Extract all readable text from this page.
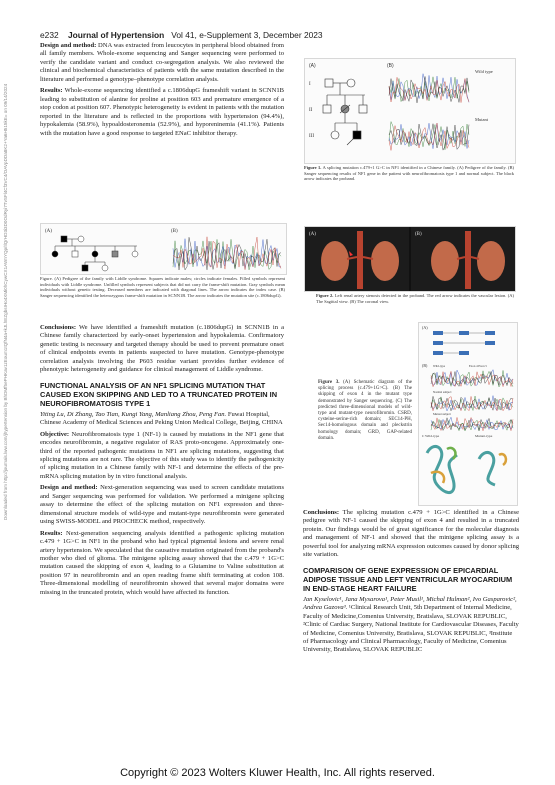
e232 Journal of Hypertension Vol 41, e-Supplement 3, December 2023
Downloaded from http://journals.lww.com/jhypertension by BhDMf5ePHKav1zEoum1tQfN4a+kJLhEZgbsIHo4XMi0hCywCX1AWnYQp/IlQrHD3i3D0OdRyi7TvSFl4Cf3VC4/OAVpDDa8K2+Ya6H515kE= on 09/14/2024

Design and method: DNA was extracted from leucocytes in peripheral blood obtained from all family members. Whole-exome sequencing and Sanger sequencing were performed to verify the candidate variant and conduct co-segregation analysis. We also reviewed the clinical and biochemical characteristics of patients with the same mutation described in the literature and performed a genotype–phenotype correlation analysis.

Results: Whole-exome sequencing identified a c.1806dupG frameshift variant in SCNN1B leading to substitution of alanine for proline at position 603 and premature emergence of a stop codon at position 607. Phenotypic heterogeneity is evident in patients with the mutation reported in the literature and is reflected in the proportions with hypertension (94.4%), hypokalemia (58.9%), hypoaldosteronemia (52.9%), and hyporeninemia (41.1%). Patients with the mutation have a good response to targeted ENaC inhibitor therapy.

(A)	(B)
I
II
III
Wild type
Mutant
Figure 1. A splicing mutation c.479+1 G>C in NF1 identified in a Chinese family. (A) Pedigree of the family. (B) Sanger sequencing results of NF1 gene in the patient with neurofibromatosis type 1 and normal subject. The black arrow indicates the proband.
(A)	(B)
Figure. (A) Pedigree of the family with Liddle syndrome. Squares indicate males; circles indicate females. Filled symbols represent individuals with Liddle syndrome. Unfilled symbols represent subjects that did not carry the frame-shift mutation. Gray symbols mean individuals without genetic testing. Deceased members are indicated with diagonal lines. The arrow indicates the index case. (B) Sanger sequencing identified the heterozygous frame-shift mutation in SCNN1B. The arrow indicates the mutation site (c.1806dupG).
(A)	(B)
Figure 2. Left renal artery stenosis detected in the proband. The red arrow indicates the vascular lesion. (A) The Sagittal view. (B) The coronal view.

Conclusions: We have identified a frameshift mutation (c.1806dupG) in SCNN1B in a Chinese family characterized by early-onset hypertension and hypokalemia. Confirmatory genetic testing is necessary and targeted therapy should be used to prevent premature onset of clinical endpoints events in patients suspected to have mutation. Genotype-phenotype correlation analysis involving the P603 residue variant provides further evidence of phenotypic heterogeneity and guidance for clinical management of Liddle syndrome.

FUNCTIONAL ANALYSIS OF AN NF1 SPLICING MUTATION THAT CAUSED EXON SKIPPING AND LED TO A TRUNCATED PROTEIN IN NEUROFIBROMATOSIS TYPE 1

Yiting Lu, Di Zhang, Tao Tian, Kungi Yang, Manliang Zhou, Peng Fan. Fuwai Hospital, Chinese Academy of Medical Sciences and Peking Union Medical College, Beijing, CHINA

Objective: Neurofibromatosis type 1 (NF-1) is caused by mutations in the NF1 gene that encodes neurofibromin, a negative regulator of RAS proto-oncogene. Approximately one-third of the reported pathogenic mutations in NF1 are splicing mutations, suggesting that splicing mutations are not rare. The objective of this study was to identify the pathogenicity of splicing mutation in a Chinese family with NF-1 and determine the effects of the pre-mRNA splicing mutation by in vitro functional analysis.

Design and method: Next-generation sequencing was used to screen candidate mutations and Sanger sequencing was performed for validation. We performed a minigene splicing assay to determine the effect of the splicing mutation on NF1 expression and three-dimensional structure models of wild-type and mutant-type neurofibromin were generated using SWISS-MODEL and PROCHECK method, respectively.

Results: Next-generation sequencing analysis identified a pathogenic splicing mutation c.479 + 1G>C in NF1 in the proband who had typical pigmental lesions and severe renal artery hypertension. We speculated that the causative mutation originated from the proband's mother who died of glioma. The minigene splicing assay showed that the c.479 + 1G>C mutation caused the skipping of exon 4, leading to a Glutamine to Valine substitution at position 97 in neurofibromin and an open reading frame shift terminating at codon 108. Three-dimensional modelling of neurofibromin showed that several major domains were missing in the truncated protein, which would have affected its function.

(A)
(B) Wild-type	Exon 4 Exon 5
Normal subject
Mutant subject
C Wild-type	Mutant-type
Figure 3. (A) Schematic diagram of the splicing process (c.479+1G>C). (B) The skipping of exon 4 in the mutant type demonstrated by Sanger sequencing. (C) The predicted three-dimensional models of wild-type and mutant-type neurofibromin. CSRD, cysteine-serine-rich domain; SEC14-PH, Sec14-homologous domain and pleckstrin homology domain; GRD, GAP-related domain.

Conclusions: The splicing mutation c.479 + 1G>C identified in a Chinese pedigree with NF-1 caused the skipping of exon 4 and resulted in a truncated protein. Our findings would be of great significance for the molecular diagnosis and management of NF-1 and showed that the minigene splicing assay is a powerful tool for analyzing mRNA expression outcomes caused by donor splicing site variation.

COMPARISON OF GENE EXPRESSION OF EPICARDIAL ADIPOSE TISSUE AND LEFT VENTRICULAR MYOCARDIUM IN END-STAGE HEART FAILURE

Jan Kyselovic¹, Jana Mysarova¹, Peter Musil¹, Michal Hulman², Ivo Gasparovic², Andrea Gazova³. ¹Clinical Research Unit, 5th Department of Internal Medicine, Faculty of Medicine,Comenius University, Bratislava, SLOVAK REPUBLIC, ²Clinic of Cardiac Surgery, National Institute for Cardiovascular Diseases, Faculty of Medicine, Comenius University, Bratislava, SLOVAK REPUBLIC, ³Institute of Pharmacology and Clinical Pharmacology, Faculty of Medicine, Comenius University, Bratislava, SLOVAK REPUBLIC

Copyright © 2023 Wolters Kluwer Health, Inc. All rights reserved.
